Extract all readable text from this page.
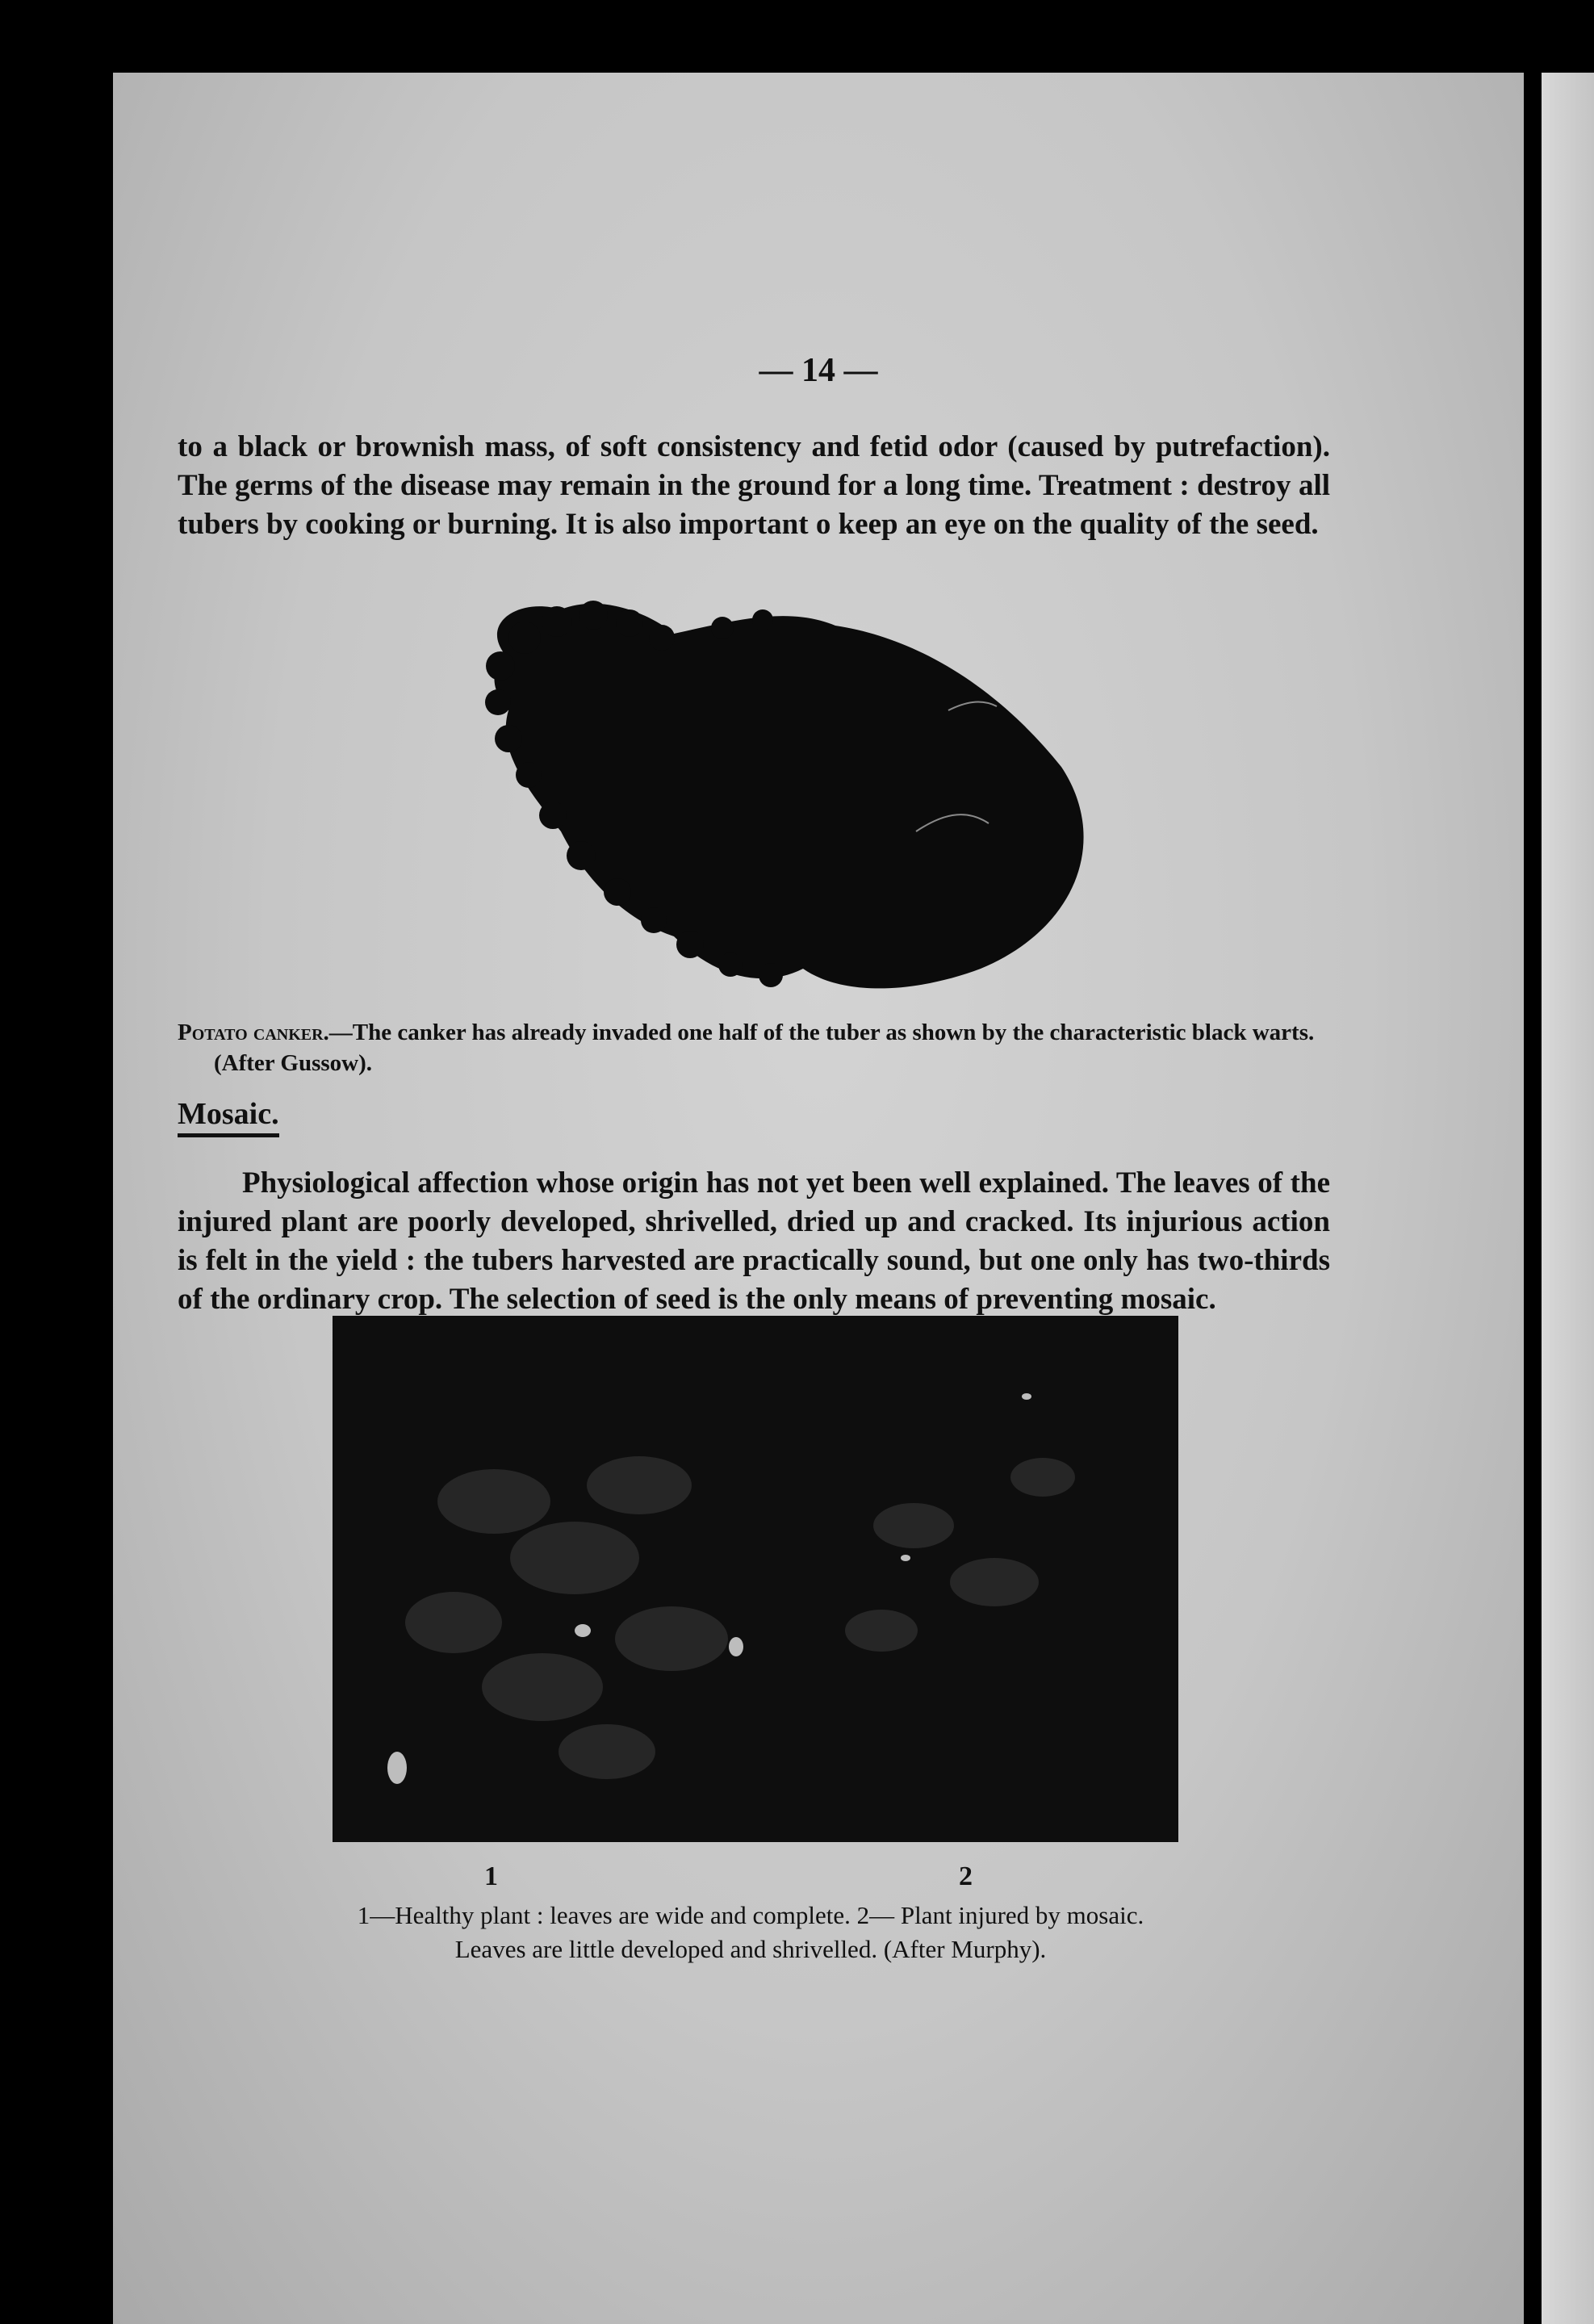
— 14 —

to a black or brownish mass, of soft consistency and fetid odor (caused by putrefaction). The germs of the disease may remain in the ground for a long time. Treatment : destroy all tubers by cooking or burning. It is also important o keep an eye on the quality of the seed.

Potato canker.—The canker has already invaded one half of the tuber as shown by the characteristic black warts. (After Gussow).
Mosaic.

Physiological affection whose origin has not yet been well explained. The leaves of the injured plant are poorly developed, shrivelled, dried up and cracked. Its injurious action is felt in the yield : the tubers harvested are practically sound, but one only has two-thirds of the ordinary crop. The selection of seed is the only means of preventing mosaic.

1	2
1—Healthy plant : leaves are wide and complete. 2— Plant injured by mosaic.
Leaves are little developed and shrivelled. (After Murphy).
